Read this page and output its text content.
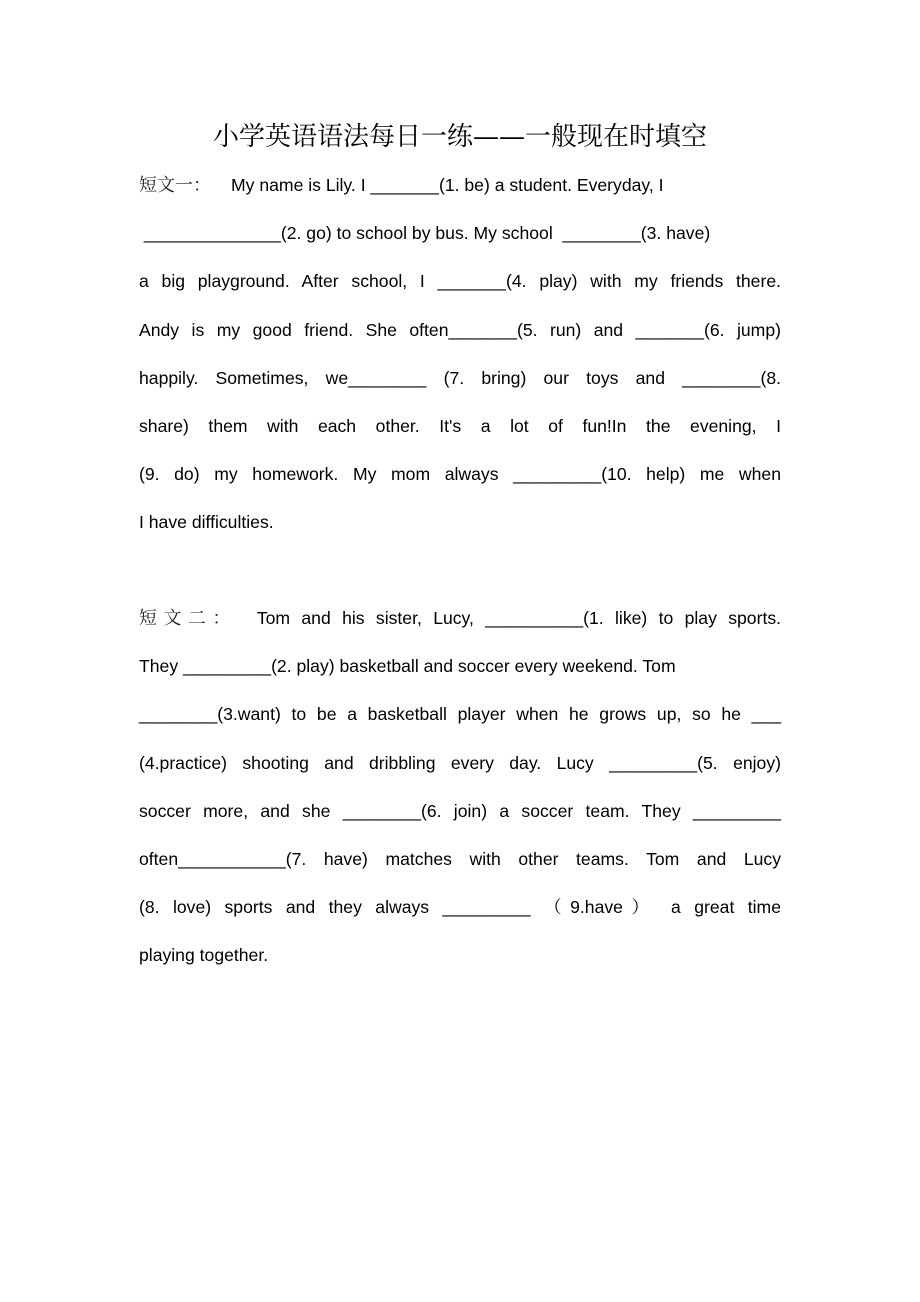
小学英语语法每日一练——一般现在时填空
短文一： My name is Lily. I _______(1. be) a student. Everyday, I
______________(2. go) to school by bus. My school  ________(3. have)
a big playground. After school, I _______(4. play) with my friends there.
Andy is my good friend. She often_______(5. run) and _______(6. jump)
happily. Sometimes, we________ (7. bring) our toys and ________(8.
share) them with each other. It's a lot of fun!In the evening, I
(9. do) my homework. My mom always _________(10. help) me when
I have difficulties.
短文二： Tom and his sister, Lucy, __________(1. like) to play sports.
They _________(2. play) basketball and soccer every weekend. Tom
________(3.want) to be a basketball player when he grows up, so he ___
(4.practice) shooting and dribbling every day. Lucy _________(5. enjoy)
soccer more, and she ________(6. join) a soccer team. They _________
often___________(7. have) matches with other teams. Tom and Lucy
(8. love) sports and they always _________ （9.have） a great time
playing together.
